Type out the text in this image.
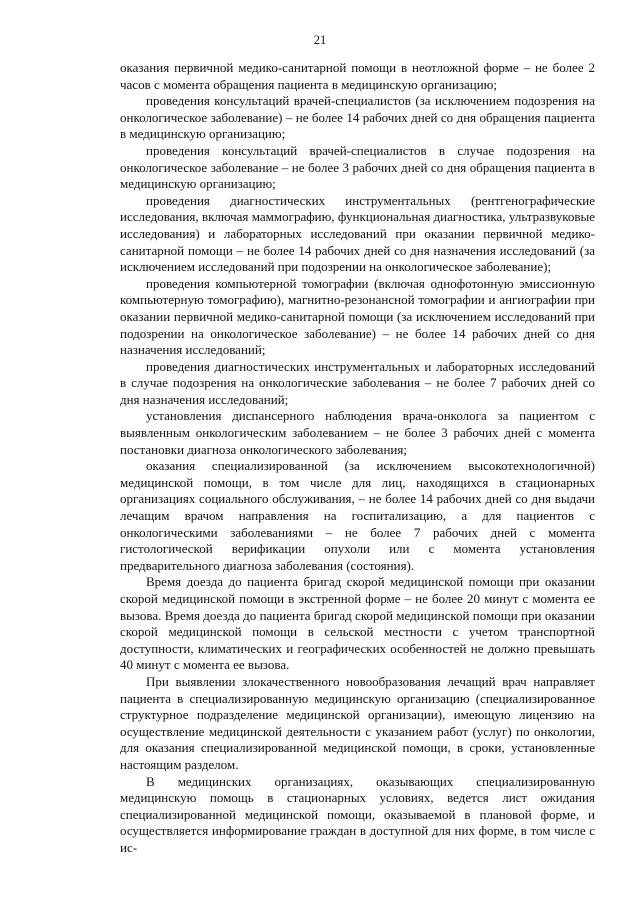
21

оказания первичной медико-санитарной помощи в неотложной форме – не более 2 часов с момента обращения пациента в медицинскую организацию;

проведения консультаций врачей-специалистов (за исключением подозрения на онкологическое заболевание) – не более 14 рабочих дней со дня обращения пациента в медицинскую организацию;

проведения консультаций врачей-специалистов в случае подозрения на онкологическое заболевание – не более 3 рабочих дней со дня обращения пациента в медицинскую организацию;

проведения диагностических инструментальных (рентгенографические исследования, включая маммографию, функциональная диагностика, ультразвуковые исследования) и лабораторных исследований при оказании первичной медико-санитарной помощи – не более 14 рабочих дней со дня назначения исследований (за исключением исследований при подозрении на онкологическое заболевание);

проведения компьютерной томографии (включая однофотонную эмиссионную компьютерную томографию), магнитно-резонансной томографии и ангиографии при оказании первичной медико-санитарной помощи (за исключением исследований при подозрении на онкологическое заболевание) – не более 14 рабочих дней со дня назначения исследований;

проведения диагностических инструментальных и лабораторных исследований в случае подозрения на онкологические заболевания – не более 7 рабочих дней со дня назначения исследований;

установления диспансерного наблюдения врача-онколога за пациентом с выявленным онкологическим заболеванием – не более 3 рабочих дней с момента постановки диагноза онкологического заболевания;

оказания специализированной (за исключением высокотехнологичной) медицинской помощи, в том числе для лиц, находящихся в стационарных организациях социального обслуживания, – не более 14 рабочих дней со дня выдачи лечащим врачом направления на госпитализацию, а для пациентов с онкологическими заболеваниями – не более 7 рабочих дней с момента гистологической верификации опухоли или с момента установления предварительного диагноза заболевания (состояния).

Время доезда до пациента бригад скорой медицинской помощи при оказании скорой медицинской помощи в экстренной форме – не более 20 минут с момента ее вызова. Время доезда до пациента бригад скорой медицинской помощи при оказании скорой медицинской помощи в сельской местности с учетом транспортной доступности, климатических и географических особенностей не должно превышать 40 минут с момента ее вызова.

При выявлении злокачественного новообразования лечащий врач направляет пациента в специализированную медицинскую организацию (специализированное структурное подразделение медицинской организации), имеющую лицензию на осуществление медицинской деятельности с указанием работ (услуг) по онкологии, для оказания специализированной медицинской помощи, в сроки, установленные настоящим разделом.

В медицинских организациях, оказывающих специализированную медицинскую помощь в стационарных условиях, ведется лист ожидания специализированной медицинской помощи, оказываемой в плановой форме, и осуществляется информирование граждан в доступной для них форме, в том числе с ис-
